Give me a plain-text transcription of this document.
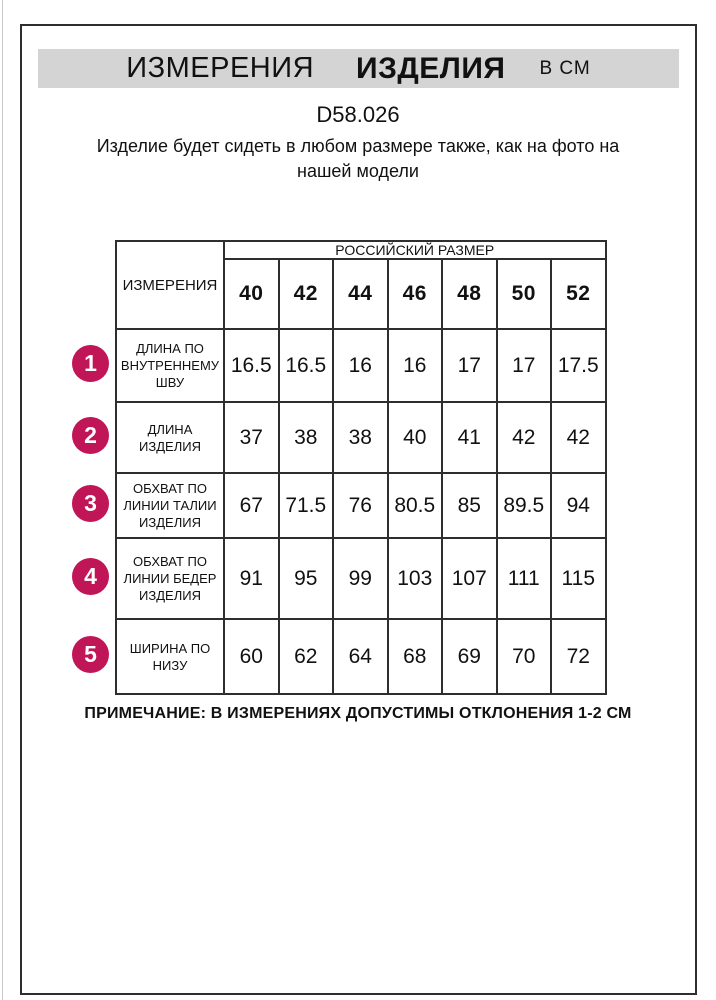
ИЗМЕРЕНИЯ ИЗДЕЛИЯ В СМ
D58.026
Изделие будет сидеть в любом размере также, как на фото на нашей модели
ИЗМЕРЕНИЯ	РОССИЙСКИЙ РАЗМЕР						
	40	42	44	46	48	50	52
ДЛИНА ПО ВНУТРЕННЕМУ ШВУ	16.5	16.5	16	16	17	17	17.5
ДЛИНА ИЗДЕЛИЯ	37	38	38	40	41	42	42
ОБХВАТ ПО ЛИНИИ ТАЛИИ ИЗДЕЛИЯ	67	71.5	76	80.5	85	89.5	94
ОБХВАТ ПО ЛИНИИ БЕДЕР ИЗДЕЛИЯ	91	95	99	103	107	111	115
ШИРИНА ПО НИЗУ	60	62	64	68	69	70	72
1
2
3
4
5
ПРИМЕЧАНИЕ: В ИЗМЕРЕНИЯХ ДОПУСТИМЫ ОТКЛОНЕНИЯ 1-2 СМ
